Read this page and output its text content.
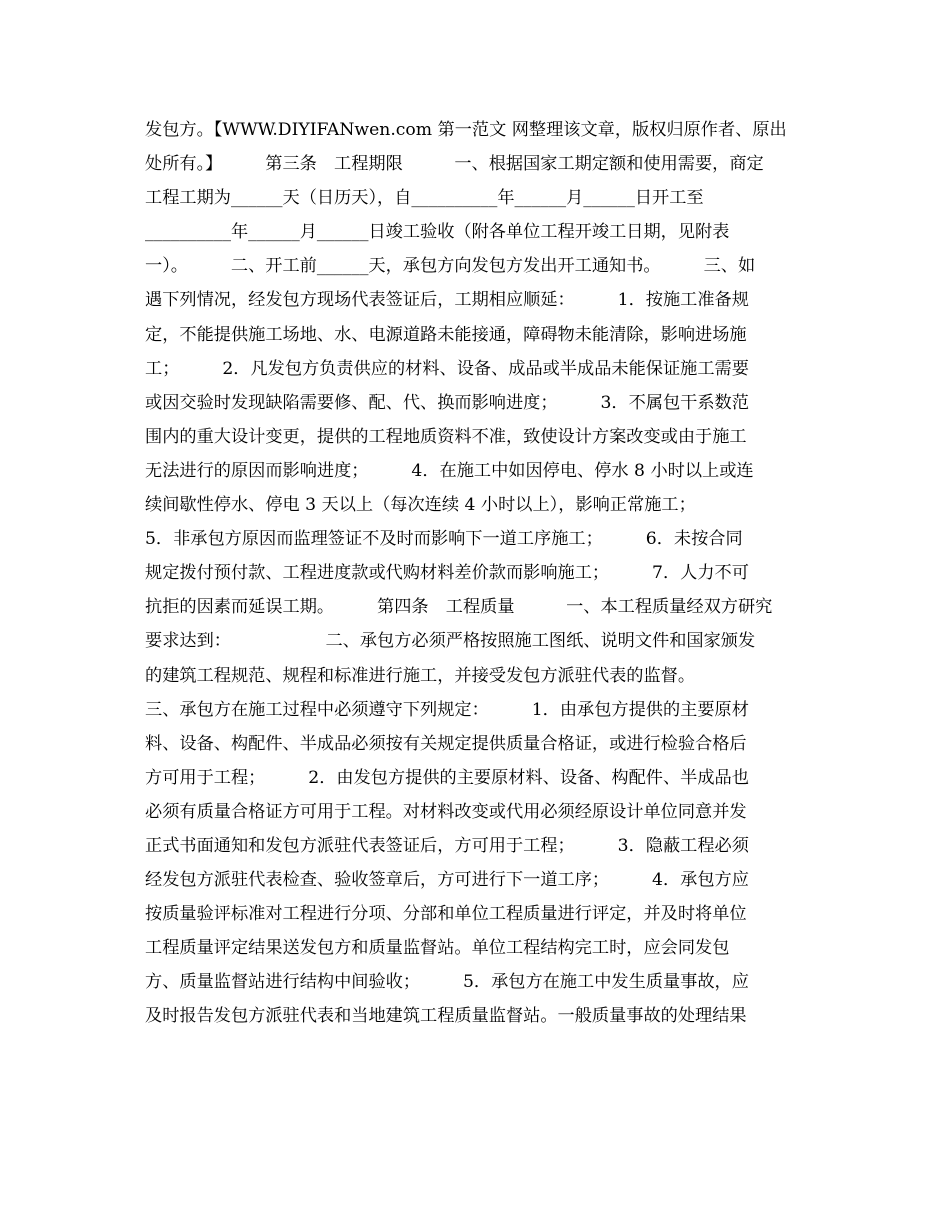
发包方。【WWW.DIYIFANwen.com 第一范文 网整理该文章，版权归原作者、原出
处所有。】　　　第三条　工程期限　　　一、根据国家工期定额和使用需要，商定
工程工期为______天（日历天），自__________年______月______日开工至
__________年______月______日竣工验收（附各单位工程开竣工日期，见附表
一）。　　　二、开工前______天，承包方向发包方发出开工通知书。　　　三、如
遇下列情况，经发包方现场代表签证后，工期相应顺延：　　　1．按施工准备规
定，不能提供施工场地、水、电源道路未能接通，障碍物未能清除，影响进场施
工；　　　2．凡发包方负责供应的材料、设备、成品或半成品未能保证施工需要
或因交验时发现缺陷需要修、配、代、换而影响进度；　　　3．不属包干系数范
围内的重大设计变更，提供的工程地质资料不准，致使设计方案改变或由于施工
无法进行的原因而影响进度；　　　4．在施工中如因停电、停水 8 小时以上或连
续间歇性停水、停电 3 天以上（每次连续 4 小时以上），影响正常施工；
5．非承包方原因而监理签证不及时而影响下一道工序施工；　　　6．未按合同
规定拨付预付款、工程进度款或代购材料差价款而影响施工；　　　7．人力不可
抗拒的因素而延误工期。　　　第四条　工程质量　　　一、本工程质量经双方研究
要求达到：　　　　　　二、承包方必须严格按照施工图纸、说明文件和国家颁发
的建筑工程规范、规程和标准进行施工，并接受发包方派驻代表的监督。
三、承包方在施工过程中必须遵守下列规定：　　　1．由承包方提供的主要原材
料、设备、构配件、半成品必须按有关规定提供质量合格证，或进行检验合格后
方可用于工程；　　　2．由发包方提供的主要原材料、设备、构配件、半成品也
必须有质量合格证方可用于工程。对材料改变或代用必须经原设计单位同意并发
正式书面通知和发包方派驻代表签证后，方可用于工程；　　　3．隐蔽工程必须
经发包方派驻代表检查、验收签章后，方可进行下一道工序；　　　4．承包方应
按质量验评标准对工程进行分项、分部和单位工程质量进行评定，并及时将单位
工程质量评定结果送发包方和质量监督站。单位工程结构完工时，应会同发包
方、质量监督站进行结构中间验收；　　　5．承包方在施工中发生质量事故，应
及时报告发包方派驻代表和当地建筑工程质量监督站。一般质量事故的处理结果
